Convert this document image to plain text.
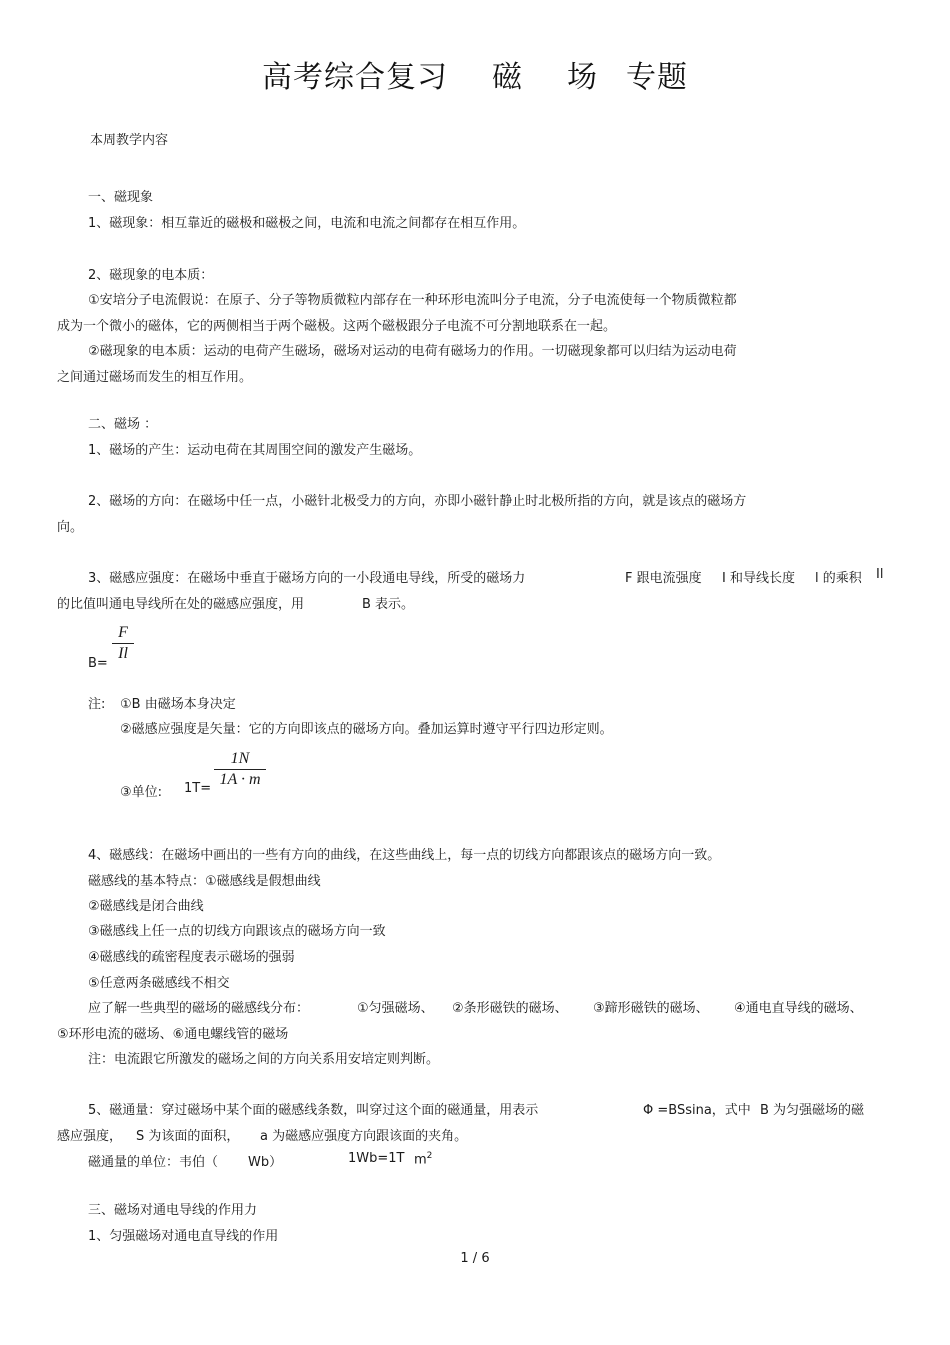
高考综合复习 磁 场 专题
本周教学内容
一、磁现象
1、磁现象：相互靠近的磁极和磁极之间，电流和电流之间都存在相互作用。
2、磁现象的电本质：
①安培分子电流假说：在原子、分子等物质微粒内部存在一种环形电流叫分子电流，分子电流使每一个物质微粒都
成为一个微小的磁体，它的两侧相当于两个磁极。这两个磁极跟分子电流不可分割地联系在一起。
②磁现象的电本质：运动的电荷产生磁场，磁场对运动的电荷有磁场力的作用。一切磁现象都可以归结为运动电荷
之间通过磁场而发生的相互作用。
二、磁场 ：
1、磁场的产生：运动电荷在其周围空间的激发产生磁场。
2、磁场的方向：在磁场中任一点，小磁针北极受力的方向，亦即小磁针静止时北极所指的方向，就是该点的磁场方
向。
3、磁感应强度：在磁场中垂直于磁场方向的一小段通电导线，所受的磁场力	F 跟电流强度 I 和导线长度 l 的乘积 Il
的比值叫通电导线所在处的磁感应强度，用	B 表示。
B=
F
Il
注: ①B 由磁场本身决定
②磁感应强度是矢量：它的方向即该点的磁场方向。叠加运算时遵守平行四边形定则。
③单位: 1T=
1N
1A · m
4、磁感线：在磁场中画出的一些有方向的曲线，在这些曲线上，每一点的切线方向都跟该点的磁场方向一致。
磁感线的基本特点：①磁感线是假想曲线
②磁感线是闭合曲线
③磁感线上任一点的切线方向跟该点的磁场方向一致
④磁感线的疏密程度表示磁场的强弱
⑤任意两条磁感线不相交
应了解一些典型的磁场的磁感线分布：	①匀强磁场、 ②条形磁铁的磁场、 ③蹄形磁铁的磁场、 ④通电直导线的磁场、
⑤环形电流的磁场、⑥通电螺线管的磁场
注：电流跟它所激发的磁场之间的方向关系用安培定则判断。
5、磁通量：穿过磁场中某个面的磁感线条数，叫穿过这个面的磁通量，用表示	Φ =BSsina，式中 B 为匀强磁场的磁
感应强度， S 为该面的面积， a 为磁感应强度方向跟该面的夹角。
磁通量的单位：韦伯（ Wb）	1Wb=1T $m^2$
三、磁场对通电导线的作用力
1、匀强磁场对通电直导线的作用
1 / 6
